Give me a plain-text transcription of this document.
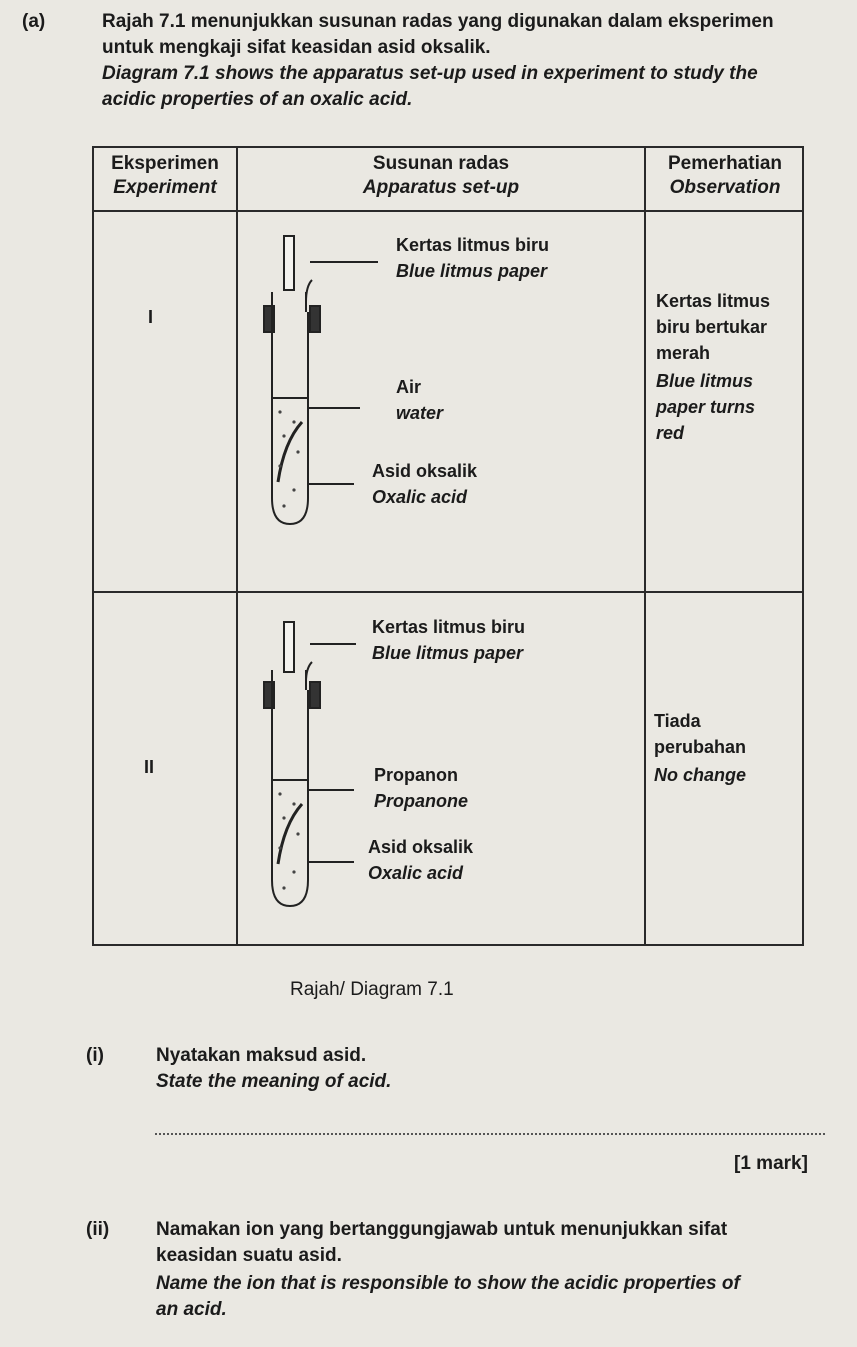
(a)	Rajah 7.1 menunjukkan susunan radas yang digunakan dalam eksperimen
untuk mengkaji sifat keasidan asid oksalik.
Diagram 7.1 shows the apparatus set-up used in experiment to study the
acidic properties of an oxalic acid.
Eksperimen
Experiment
Susunan radas
Apparatus set-up
Pemerhatian
Observation
I
Kertas litmus biru
Blue litmus paper
Air
water
Asid oksalik
Oxalic acid
Kertas litmus
biru bertukar
merah
Blue litmus
paper turns
red
II
Kertas litmus biru
Blue litmus paper
Propanon
Propanone
Asid oksalik
Oxalic acid
Tiada
perubahan
No change
Rajah/ Diagram 7.1
(i)	Nyatakan maksud asid.
State the meaning of acid.
[1 mark]
(ii) Namakan ion yang bertanggungjawab untuk menunjukkan sifat
keasidan suatu asid.
Name the ion that is responsible to show the acidic properties of
an acid.
